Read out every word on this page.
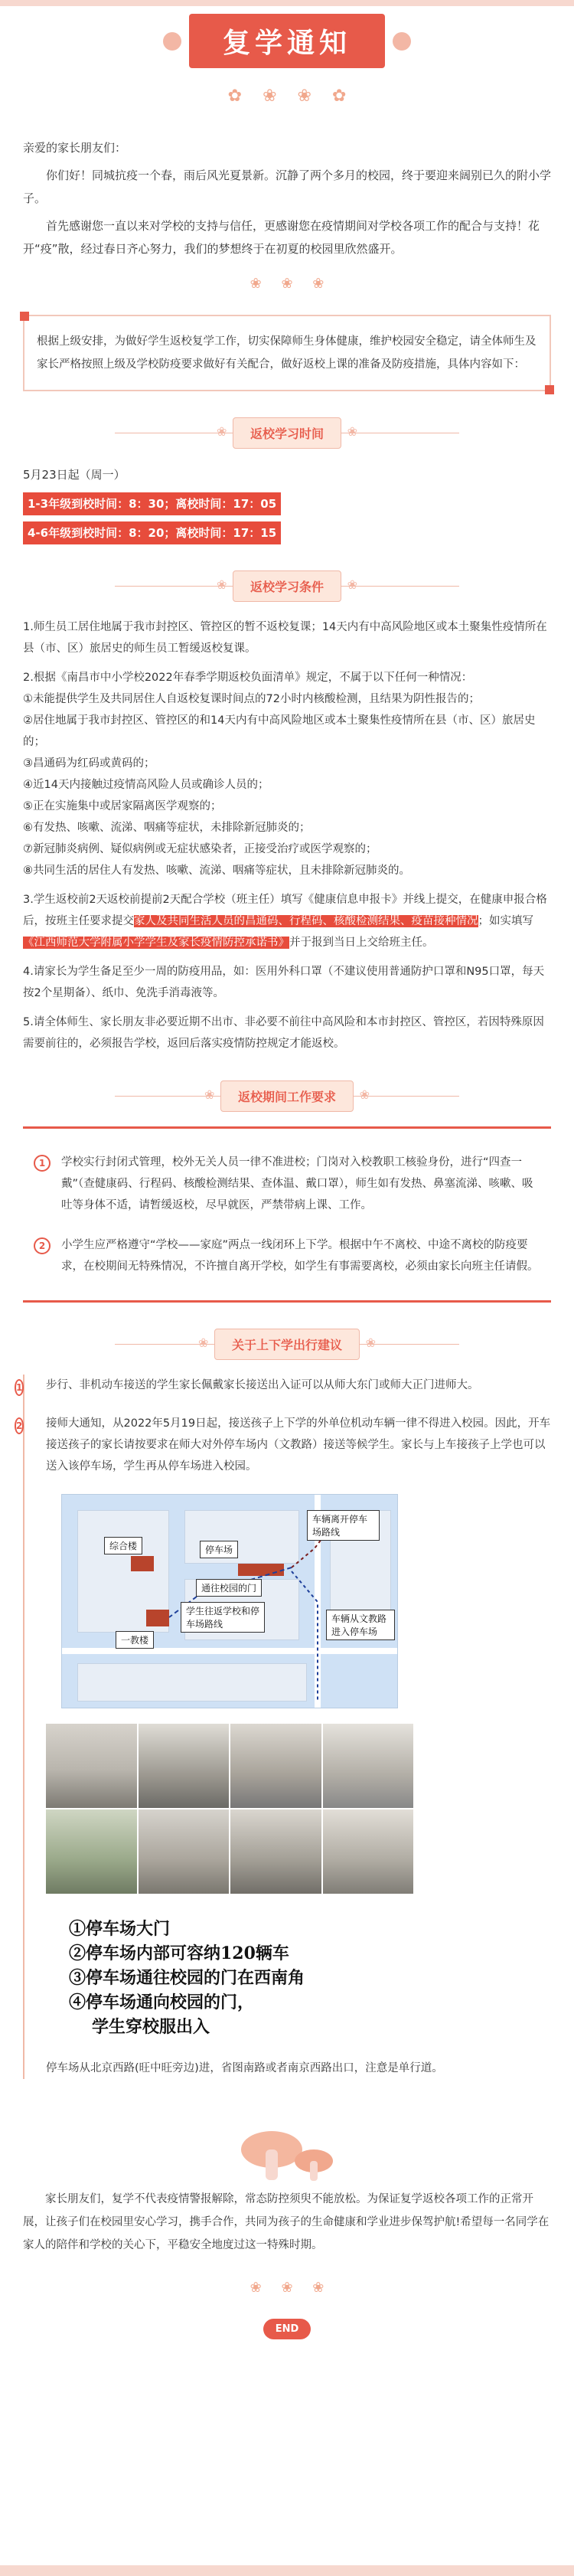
复学通知
✿ ❀ ❀ ✿

亲爱的家长朋友们：

你们好！同城抗疫一个春，雨后风光夏景新。沉静了两个多月的校园，终于要迎来阔别已久的附小学子。

首先感谢您一直以来对学校的支持与信任，更感谢您在疫情期间对学校各项工作的配合与支持！花开“疫”散，经过春日齐心努力，我们的梦想终于在初夏的校园里欣然盛开。

❀ ❀ ❀

根据上级安排，为做好学生返校复学工作，切实保障师生身体健康，维护校园安全稳定，请全体师生及家长严格按照上级及学校防疫要求做好有关配合，做好返校上课的准备及防疫措施，具体内容如下：

❀ 返校学习时间 ❀
5月23日起（周一）
1-3年级到校时间：8：30；离校时间：17：05
4-6年级到校时间：8：20；离校时间：17：15
❀ 返校学习条件 ❀

1.师生员工居住地属于我市封控区、管控区的暂不返校复课；14天内有中高风险地区或本土聚集性疫情所在县（市、区）旅居史的师生员工暂缓返校复课。

2.根据《南昌市中小学校2022年春季学期返校负面清单》规定，不属于以下任何一种情况：

①未能提供学生及共同居住人自返校复课时间点的72小时内核酸检测，且结果为阴性报告的；
②居住地属于我市封控区、管控区的和14天内有中高风险地区或本土聚集性疫情所在县（市、区）旅居史的；
③昌通码为红码或黄码的；
④近14天内接触过疫情高风险人员或确诊人员的；
⑤正在实施集中或居家隔离医学观察的；
⑥有发热、咳嗽、流涕、咽痛等症状，未排除新冠肺炎的；
⑦新冠肺炎病例、疑似病例或无症状感染者，正接受治疗或医学观察的；
⑧共同生活的居住人有发热、咳嗽、流涕、咽痛等症状，且未排除新冠肺炎的。

3.学生返校前2天返校前提前2天配合学校（班主任）填写《健康信息申报卡》并线上提交，在健康申报合格后，按班主任要求提交家人及共同生活人员的昌通码、行程码、核酸检测结果、疫苗接种情况；如实填写《江西师范大学附属小学学生及家长疫情防控承诺书》并于报到当日上交给班主任。

4.请家长为学生备足至少一周的防疫用品，如：医用外科口罩（不建议使用普通防护口罩和N95口罩，每天按2个星期备）、纸巾、免洗手消毒液等。

5.请全体师生、家长朋友非必要近期不出市、非必要不前往中高风险和本市封控区、管控区，若因特殊原因需要前往的，必须报告学校，返回后落实疫情防控规定才能返校。

❀ 返校期间工作要求 ❀
1	学校实行封闭式管理，校外无关人员一律不准进校；门岗对入校教职工核验身份，进行“四查一戴”（查健康码、行程码、核酸检测结果、查体温、戴口罩），师生如有发热、鼻塞流涕、咳嗽、吸吐等身体不适，请暂缓返校，尽早就医，严禁带病上课、工作。
2	小学生应严格遵守“学校——家庭”两点一线闭环上下学。根据中午不离校、中途不离校的防疫要求，在校期间无特殊情况，不许擅自离开学校，如学生有事需要离校，必须由家长向班主任请假。
❀ 关于上下学出行建议 ❀
1 步行、非机动车接送的学生家长佩戴家长接送出入证可以从师大东门或师大正门进师大。
2 接师大通知，从2022年5月19日起，接送孩子上下学的外单位机动车辆一律不得进入校园。因此，开车接送孩子的家长请按要求在师大对外停车场内（文教路）接送等候学生。家长与上车接孩子上学也可以送入该停车场，学生再从停车场进入校园。
综合楼
一教楼
停车场
通往校园的门
学生往返学校和停车场路线
车辆离开停车场路线
车辆从文教路进入停车场
①停车场大门
②停车场内部可容纳120辆车
③停车场通往校园的门在西南角
④停车场通向校园的门，
学生穿校服出入
停车场从北京西路(旺中旺旁边)进，省图南路或者南京西路出口，注意是单行道。

家长朋友们，复学不代表疫情警报解除，常态防控须臾不能放松。为保证复学返校各项工作的正常开展，让孩子们在校园里安心学习，携手合作，共同为孩子的生命健康和学业进步保驾护航!希望每一名同学在家人的陪伴和学校的关心下，平稳安全地度过这一特殊时期。

❀ ❀ ❀
END
